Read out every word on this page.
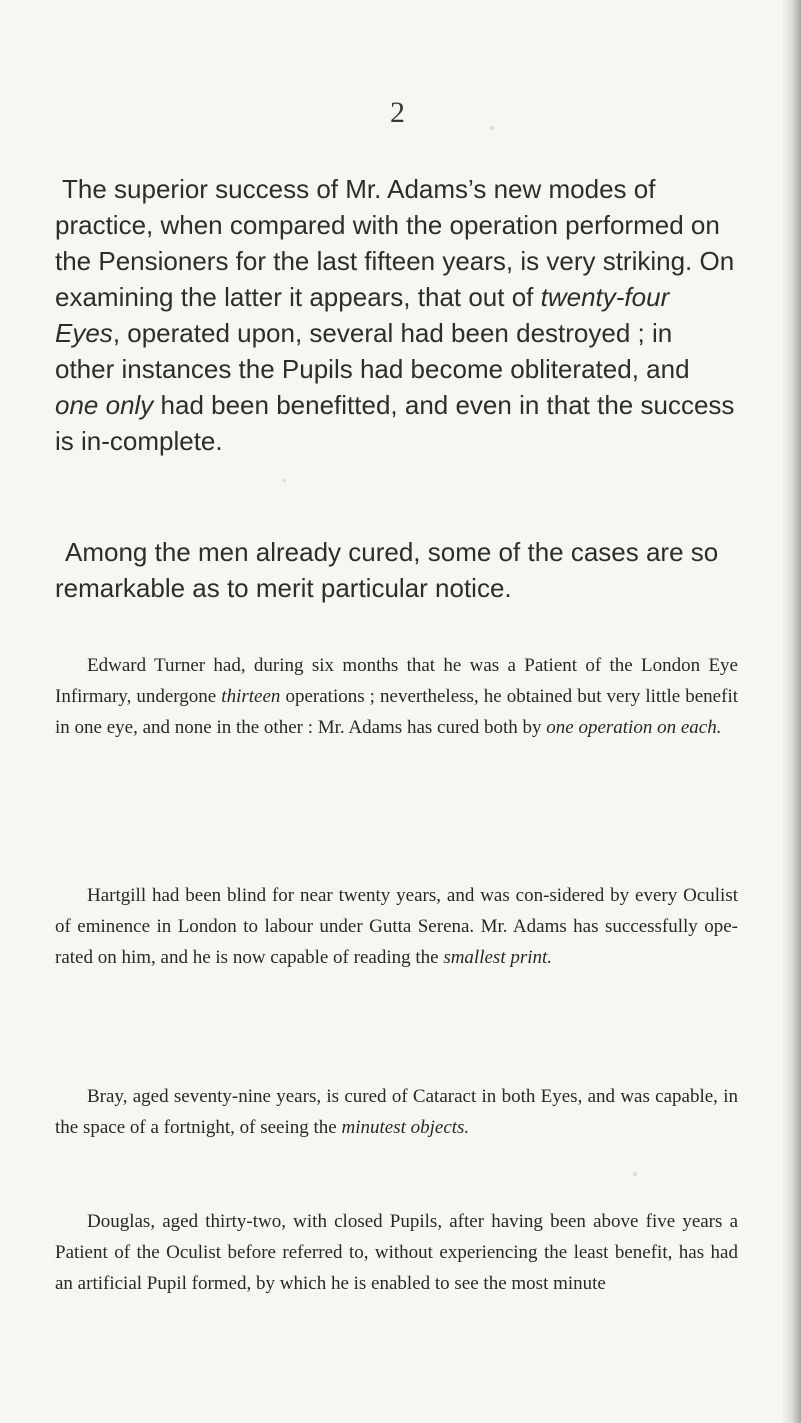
2

The superior success of Mr. Adams’s new modes of practice, when compared with the operation performed on the Pensioners for the last fifteen years, is very striking. On examining the latter it appears, that out of twenty-four Eyes, operated upon, several had been destroyed ; in other instances the Pupils had become obliterated, and one only had been benefitted, and even in that the success is in-complete.

Among the men already cured, some of the cases are so remarkable as to merit particular notice.

Edward Turner had, during six months that he was a Patient of the London Eye Infirmary, undergone thirteen operations ; nevertheless, he obtained but very little benefit in one eye, and none in the other : Mr. Adams has cured both by one operation on each.

Hartgill had been blind for near twenty years, and was con-sidered by every Oculist of eminence in London to labour under Gutta Serena. Mr. Adams has successfully ope-rated on him, and he is now capable of reading the smallest print.

Bray, aged seventy-nine years, is cured of Cataract in both Eyes, and was capable, in the space of a fortnight, of seeing the minutest objects.

Douglas, aged thirty-two, with closed Pupils, after having been above five years a Patient of the Oculist before referred to, without experiencing the least benefit, has had an artificial Pupil formed, by which he is enabled to see the most minute
